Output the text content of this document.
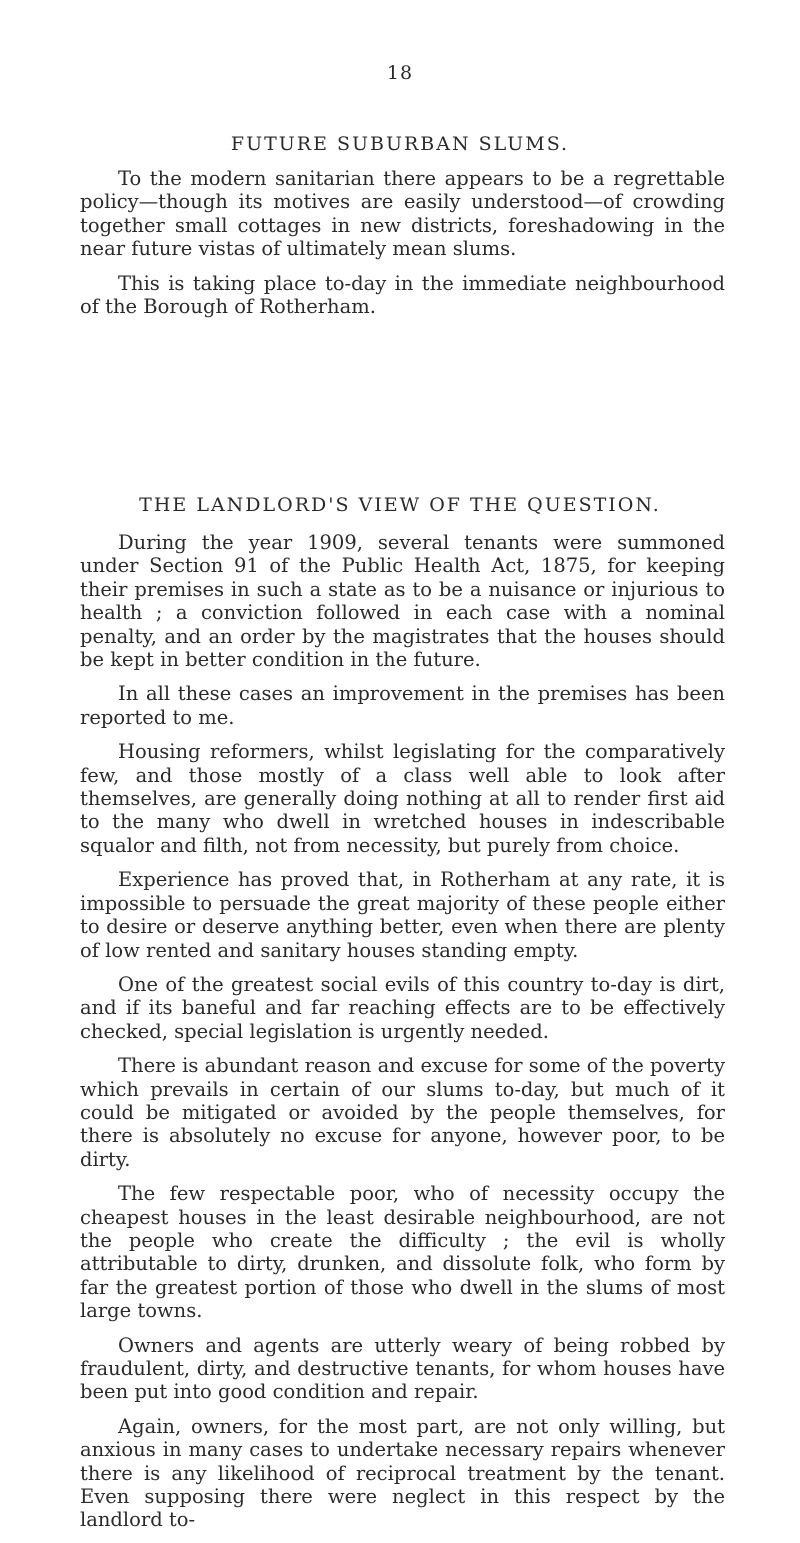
18
FUTURE SUBURBAN SLUMS.

To the modern sanitarian there appears to be a regrettable policy—though its motives are easily understood—of crowding together small cottages in new districts, foreshadowing in the near future vistas of ultimately mean slums.

This is taking place to-day in the immediate neighbourhood of the Borough of Rotherham.

THE LANDLORD'S VIEW OF THE QUESTION.

During the year 1909, several tenants were summoned under Section 91 of the Public Health Act, 1875, for keeping their premises in such a state as to be a nuisance or injurious to health ; a conviction followed in each case with a nominal penalty, and an order by the magistrates that the houses should be kept in better condition in the future.

In all these cases an improvement in the premises has been reported to me.

Housing reformers, whilst legislating for the comparatively few, and those mostly of a class well able to look after themselves, are generally doing nothing at all to render first aid to the many who dwell in wretched houses in indescribable squalor and filth, not from necessity, but purely from choice.

Experience has proved that, in Rotherham at any rate, it is impossible to persuade the great majority of these people either to desire or deserve anything better, even when there are plenty of low rented and sanitary houses standing empty.

One of the greatest social evils of this country to-day is dirt, and if its baneful and far reaching effects are to be effectively checked, special legislation is urgently needed.

There is abundant reason and excuse for some of the poverty which prevails in certain of our slums to-day, but much of it could be mitigated or avoided by the people themselves, for there is absolutely no excuse for anyone, however poor, to be dirty.

The few respectable poor, who of necessity occupy the cheapest houses in the least desirable neighbourhood, are not the people who create the difficulty ; the evil is wholly attributable to dirty, drunken, and dissolute folk, who form by far the greatest portion of those who dwell in the slums of most large towns.

Owners and agents are utterly weary of being robbed by fraudulent, dirty, and destructive tenants, for whom houses have been put into good condition and repair.

Again, owners, for the most part, are not only willing, but anxious in many cases to undertake necessary repairs whenever there is any likelihood of reciprocal treatment by the tenant. Even supposing there were neglect in this respect by the landlord to-
